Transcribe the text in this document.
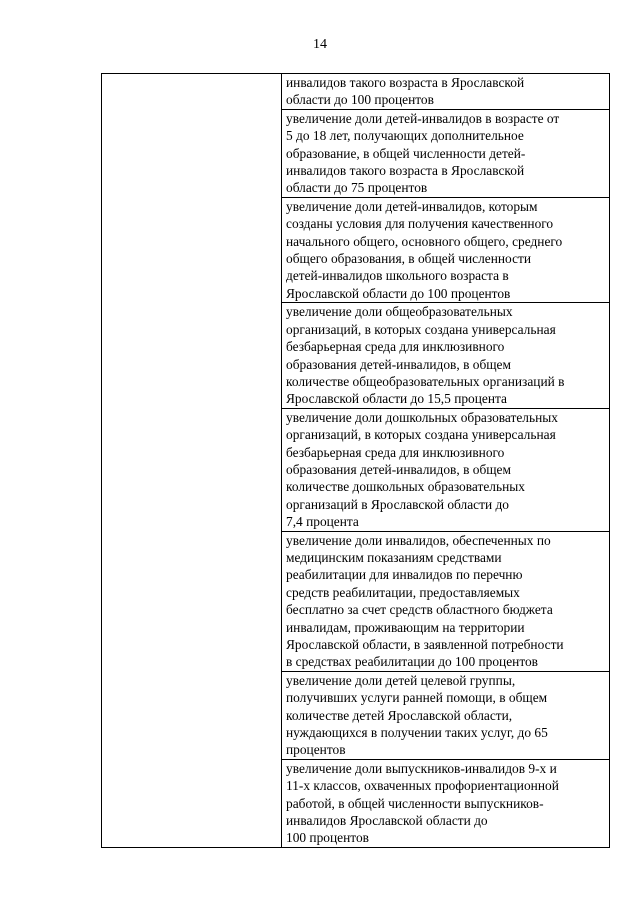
14
	инвалидов такого возраста в Ярославской
области до 100 процентов
увеличение доли детей-инвалидов в возрасте от
5 до 18 лет, получающих дополнительное
образование, в общей численности детей-
инвалидов такого возраста в Ярославской
области до 75 процентов
увеличение доли детей-инвалидов, которым
созданы условия для получения качественного
начального общего, основного общего, среднего
общего образования, в общей численности
детей-инвалидов школьного возраста в
Ярославской области до 100 процентов
увеличение доли общеобразовательных
организаций, в которых создана универсальная
безбарьерная среда для инклюзивного
образования детей-инвалидов, в общем
количестве общеобразовательных организаций в
Ярославской области до 15,5 процента
увеличение доли дошкольных образовательных
организаций, в которых создана универсальная
безбарьерная среда для инклюзивного
образования детей-инвалидов, в общем
количестве дошкольных образовательных
организаций в Ярославской области до
7,4 процента
увеличение доли инвалидов, обеспеченных по
медицинским показаниям средствами
реабилитации для инвалидов по перечню
средств реабилитации, предоставляемых
бесплатно за счет средств областного бюджета
инвалидам, проживающим на территории
Ярославской области, в заявленной потребности
в средствах реабилитации до 100 процентов
увеличение доли детей целевой группы,
получивших услуги ранней помощи, в общем
количестве детей Ярославской области,
нуждающихся в получении таких услуг, до 65
процентов
увеличение доли выпускников-инвалидов 9-х и
11-х классов, охваченных профориентационной
работой, в общей численности выпускников-
инвалидов Ярославской области до
100 процентов
